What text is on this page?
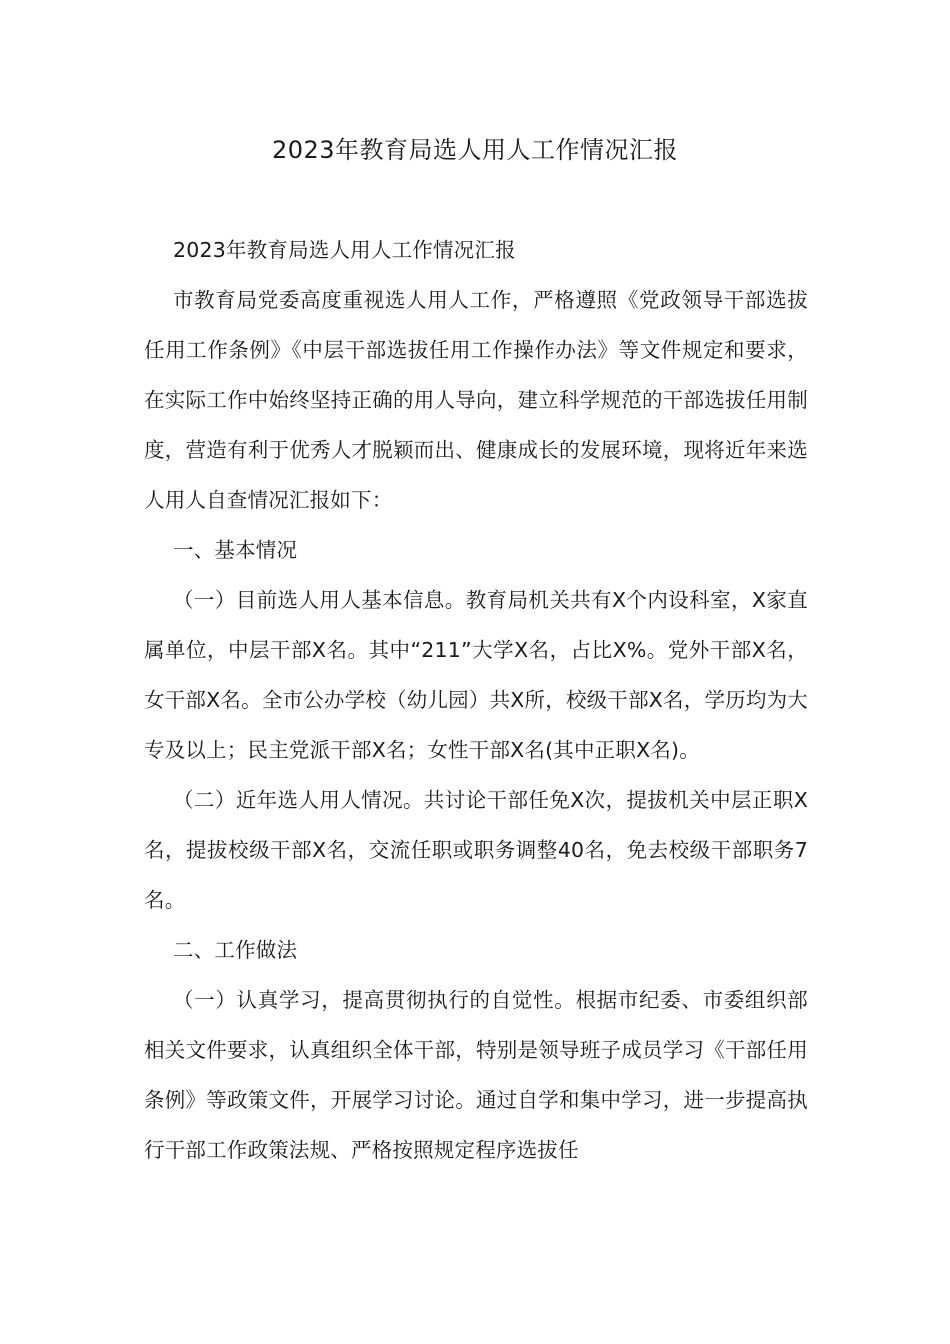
2023年教育局选人用人工作情况汇报

2023年教育局选人用人工作情况汇报

市教育局党委高度重视选人用人工作，严格遵照《党政领导干部选拔任用工作条例》《中层干部选拔任用工作操作办法》等文件规定和要求，在实际工作中始终坚持正确的用人导向，建立科学规范的干部选拔任用制度，营造有利于优秀人才脱颖而出、健康成长的发展环境，现将近年来选人用人自查情况汇报如下：

一、基本情况

（一）目前选人用人基本信息。教育局机关共有X个内设科室，X家直属单位，中层干部X名。其中“211”大学X名，占比X%。党外干部X名，女干部X名。全市公办学校（幼儿园）共X所，校级干部X名，学历均为大专及以上；民主党派干部X名；女性干部X名(其中正职X名)。

（二）近年选人用人情况。共讨论干部任免X次，提拔机关中层正职X名，提拔校级干部X名，交流任职或职务调整40名，免去校级干部职务7名。

二、工作做法

（一）认真学习，提高贯彻执行的自觉性。根据市纪委、市委组织部相关文件要求，认真组织全体干部，特别是领导班子成员学习《干部任用条例》等政策文件，开展学习讨论。通过自学和集中学习，进一步提高执行干部工作政策法规、严格按照规定程序选拔任
